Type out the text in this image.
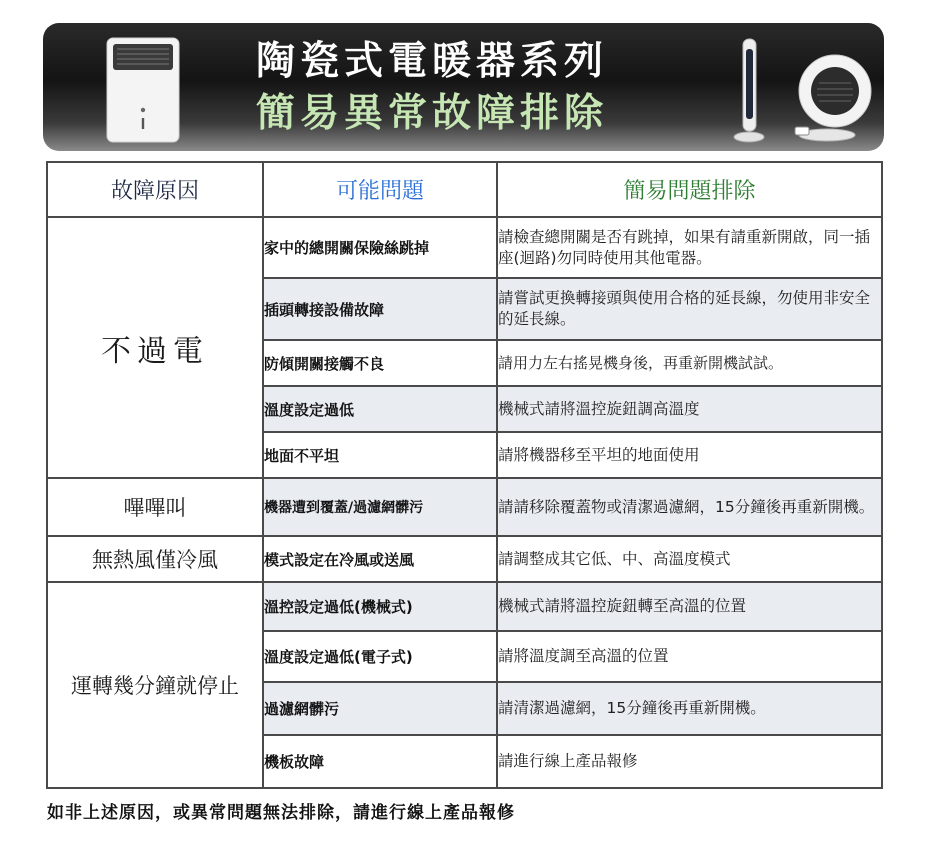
陶瓷式電暖器系列
簡易異常故障排除
故障原因	可能問題	簡易問題排除
不過電	家中的總開關保險絲跳掉	請檢查總開關是否有跳掉，如果有請重新開啟，同一插座(迴路)勿同時使用其他電器。
	插頭轉接設備故障	請嘗試更換轉接頭與使用合格的延長線，勿使用非安全的延長線。
	防傾開關接觸不良	請用力左右搖晃機身後，再重新開機試試。
	溫度設定過低	機械式請將溫控旋鈕調高溫度
	地面不平坦	請將機器移至平坦的地面使用
嗶嗶叫	機器遭到覆蓋/過濾網髒污	請請移除覆蓋物或清潔過濾網，15分鐘後再重新開機。
無熱風僅冷風	模式設定在冷風或送風	請調整成其它低、中、高溫度模式
運轉幾分鐘就停止	溫控設定過低(機械式)	機械式請將溫控旋鈕轉至高溫的位置
	溫度設定過低(電子式)	請將溫度調至高溫的位置
	過濾網髒污	請清潔過濾網，15分鐘後再重新開機。
	機板故障	請進行線上產品報修

如非上述原因，或異常問題無法排除，請進行線上產品報修
